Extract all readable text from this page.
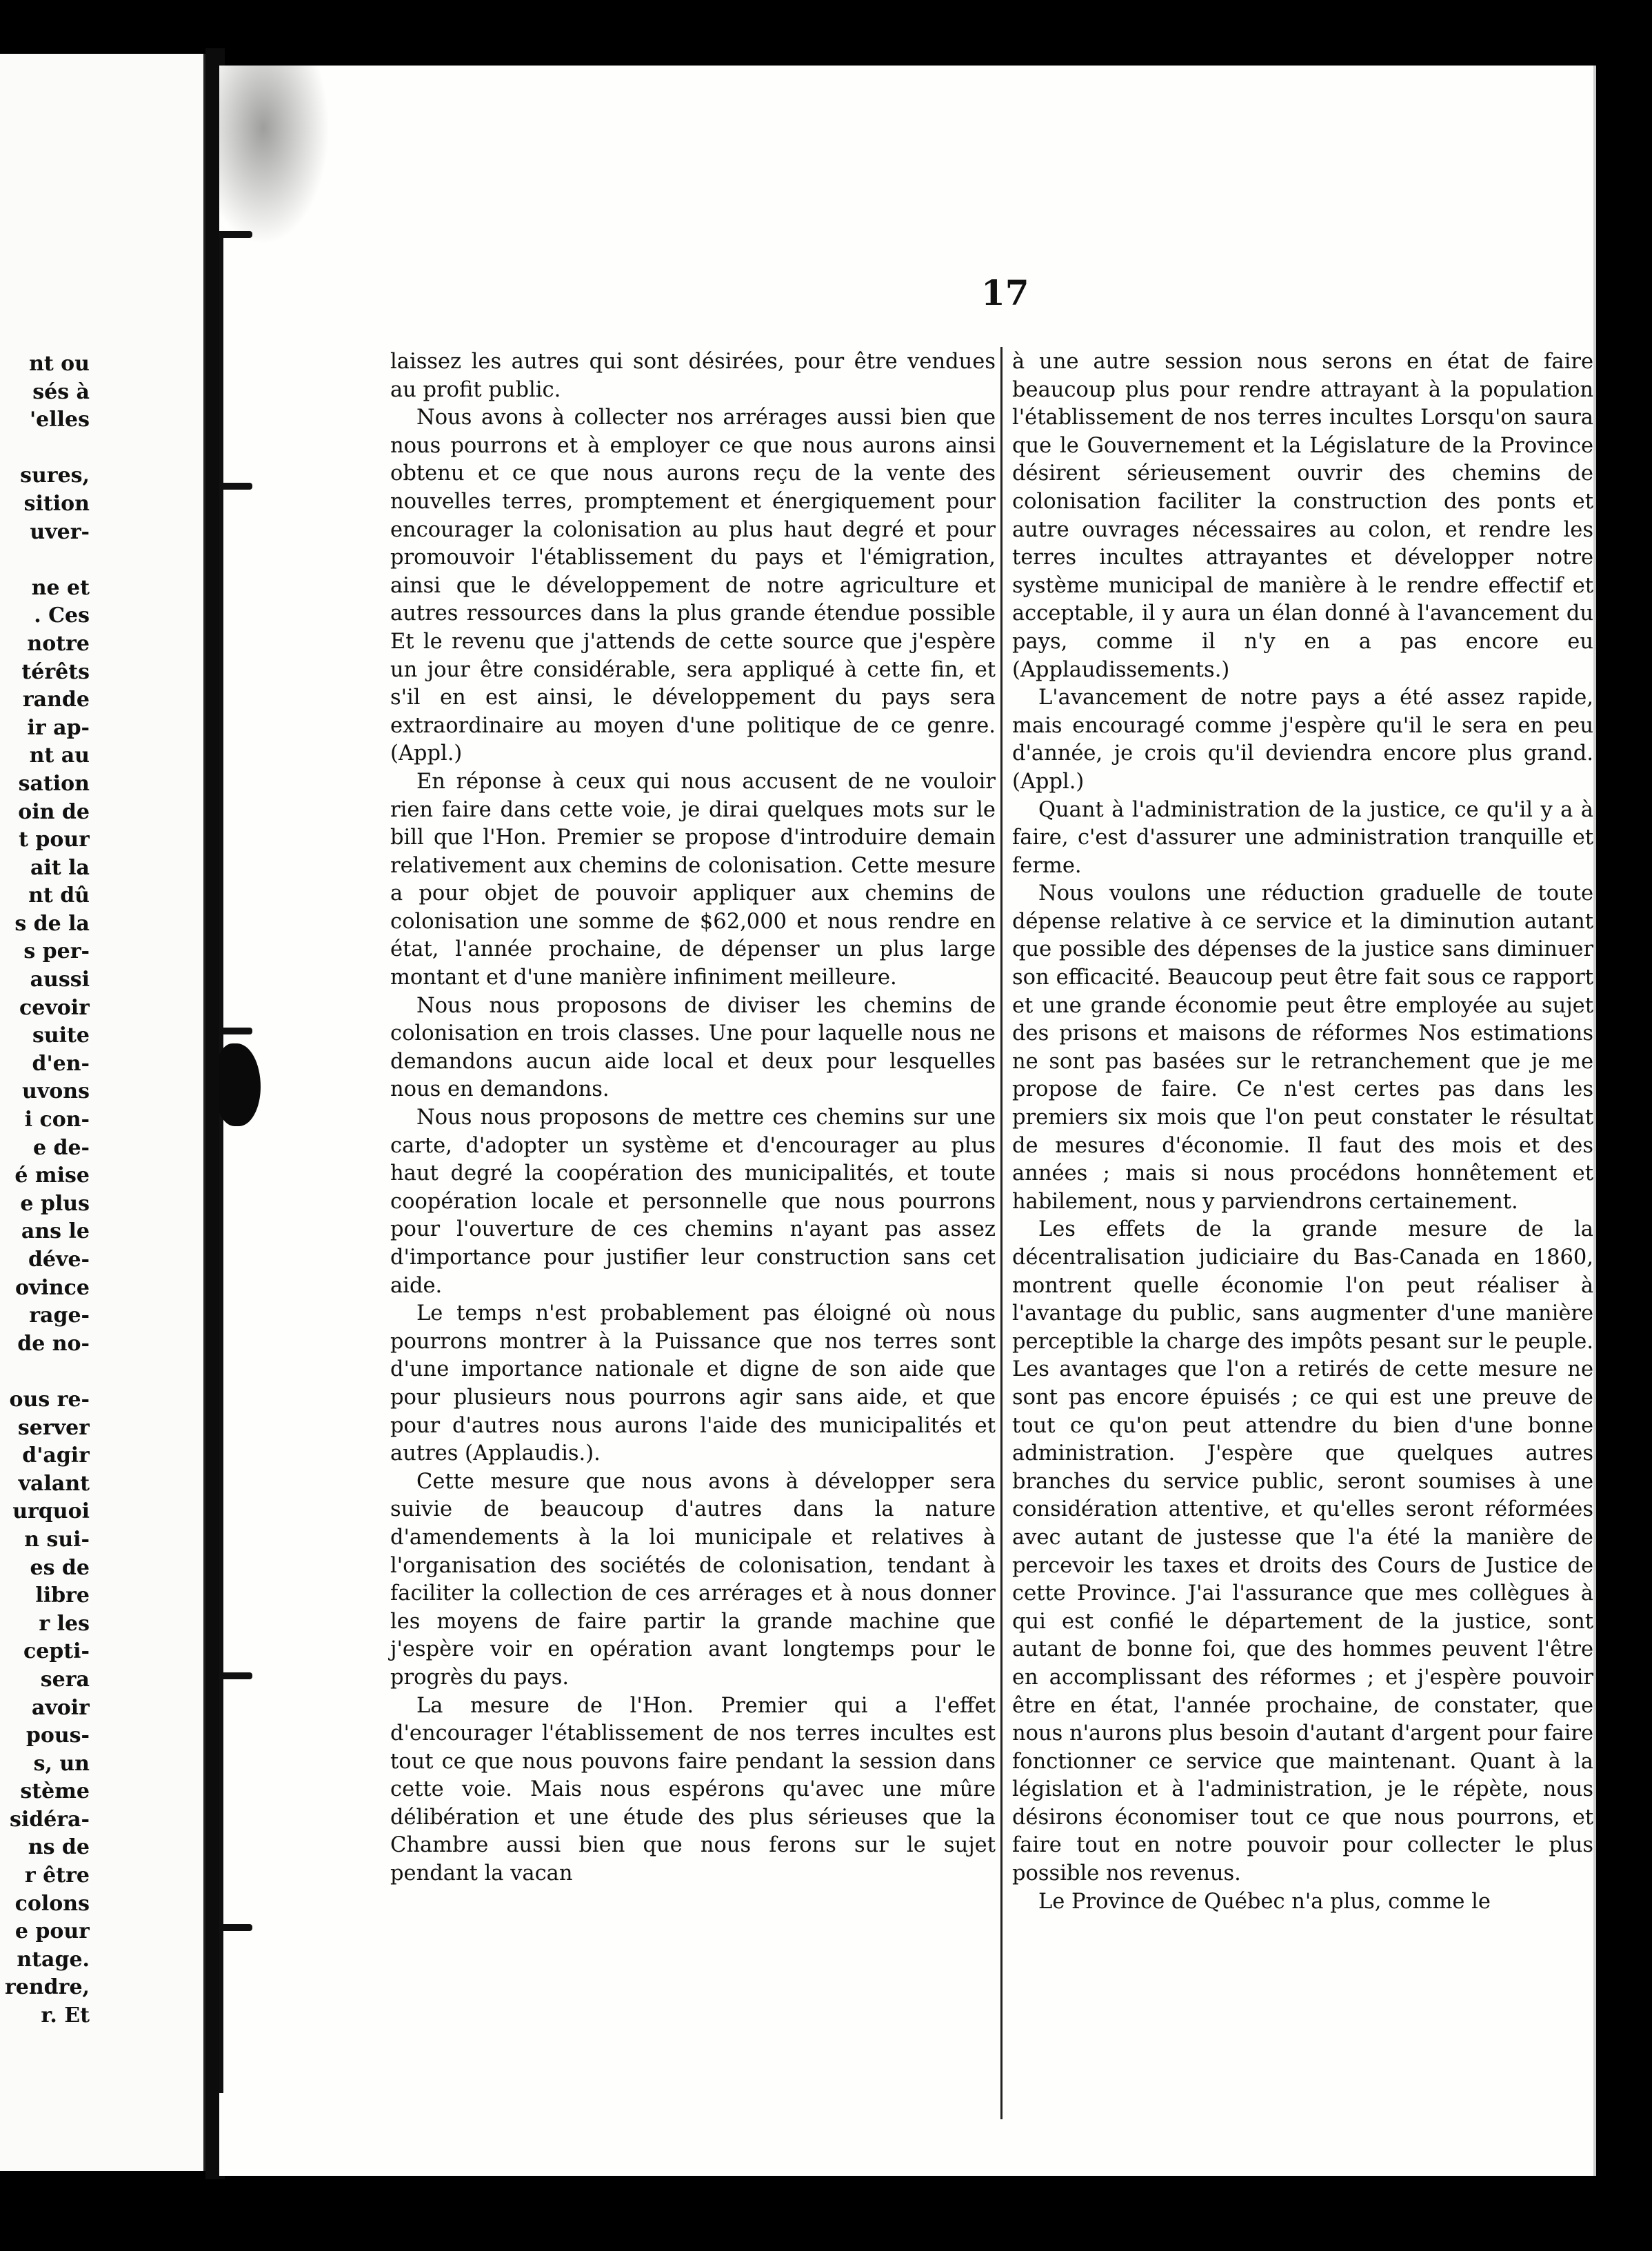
nt ou
sés à
'elles

sures,
sition
uver-

ne et
. Ces
notre
térêts
rande
ir ap-
nt au
sation
oin de
t pour
ait la
nt dû
s de la
s per-
aussi
cevoir
suite
d'en-
uvons
i con-
e de-
é mise
e plus
ans le
déve-
ovince
rage-
de no-

ous re-
server
d'agir
valant
urquoi
n sui-
es de
libre
r les
cepti-
sera
avoir
pous-
s, un
stème
sidéra-
ns de
r être
colons
e pour
ntage.
rendre,
r. Et
17

laissez les autres qui sont désirées, pour être vendues au profit public.

Nous avons à collecter nos arrérages aussi bien que nous pourrons et à employer ce que nous aurons ainsi obtenu et ce que nous aurons reçu de la vente des nouvelles terres, promptement et énergiquement pour encourager la colonisation au plus haut degré et pour promouvoir l'établissement du pays et l'émigration, ainsi que le développement de notre agriculture et autres ressources dans la plus grande étendue possible Et le revenu que j'attends de cette source que j'espère un jour être considérable, sera appliqué à cette fin, et s'il en est ainsi, le développement du pays sera extraordinaire au moyen d'une politique de ce genre. (Appl.)

En réponse à ceux qui nous accusent de ne vouloir rien faire dans cette voie, je dirai quelques mots sur le bill que l'Hon. Premier se propose d'introduire demain relativement aux chemins de colonisation. Cette mesure a pour objet de pouvoir appliquer aux chemins de colonisation une somme de $62,000 et nous rendre en état, l'année prochaine, de dépenser un plus large montant et d'une manière infiniment meilleure.

Nous nous proposons de diviser les chemins de colonisation en trois classes. Une pour laquelle nous ne demandons aucun aide local et deux pour lesquelles nous en demandons.

Nous nous proposons de mettre ces chemins sur une carte, d'adopter un système et d'encourager au plus haut degré la coopération des municipalités, et toute coopération locale et personnelle que nous pourrons pour l'ouverture de ces chemins n'ayant pas assez d'importance pour justifier leur construction sans cet aide.

Le temps n'est probablement pas éloigné où nous pourrons montrer à la Puissance que nos terres sont d'une importance nationale et digne de son aide que pour plusieurs nous pourrons agir sans aide, et que pour d'autres nous aurons l'aide des municipalités et autres (Applaudis.).

Cette mesure que nous avons à développer sera suivie de beaucoup d'autres dans la nature d'amendements à la loi municipale et relatives à l'organisation des sociétés de colonisation, tendant à faciliter la collection de ces arrérages et à nous donner les moyens de faire partir la grande machine que j'espère voir en opération avant longtemps pour le progrès du pays.

La mesure de l'Hon. Premier qui a l'effet d'encourager l'établissement de nos terres incultes est tout ce que nous pouvons faire pendant la session dans cette voie. Mais nous espérons qu'avec une mûre délibération et une étude des plus sérieuses que la Chambre aussi bien que nous ferons sur le sujet pendant la vacan

à une autre session nous serons en état de faire beaucoup plus pour rendre attrayant à la population l'établissement de nos terres incultes Lorsqu'on saura que le Gouvernement et la Législature de la Province désirent sérieusement ouvrir des chemins de colonisation faciliter la construction des ponts et autre ouvrages nécessaires au colon, et rendre les terres incultes attrayantes et développer notre système municipal de manière à le rendre effectif et acceptable, il y aura un élan donné à l'avancement du pays, comme il n'y en a pas encore eu (Applaudissements.)

L'avancement de notre pays a été assez rapide, mais encouragé comme j'espère qu'il le sera en peu d'année, je crois qu'il deviendra encore plus grand. (Appl.)

Quant à l'administration de la justice, ce qu'il y a à faire, c'est d'assurer une administration tranquille et ferme.

Nous voulons une réduction graduelle de toute dépense relative à ce service et la diminution autant que possible des dépenses de la justice sans diminuer son efficacité. Beaucoup peut être fait sous ce rapport et une grande économie peut être employée au sujet des prisons et maisons de réformes Nos estimations ne sont pas basées sur le retranchement que je me propose de faire. Ce n'est certes pas dans les premiers six mois que l'on peut constater le résultat de mesures d'économie. Il faut des mois et des années ; mais si nous procédons honnêtement et habilement, nous y parviendrons certainement.

Les effets de la grande mesure de la décentralisation judiciaire du Bas-Canada en 1860, montrent quelle économie l'on peut réaliser à l'avantage du public, sans augmenter d'une manière perceptible la charge des impôts pesant sur le peuple. Les avantages que l'on a retirés de cette mesure ne sont pas encore épuisés ; ce qui est une preuve de tout ce qu'on peut attendre du bien d'une bonne administration. J'espère que quelques autres branches du service public, seront soumises à une considération attentive, et qu'elles seront réformées avec autant de justesse que l'a été la manière de percevoir les taxes et droits des Cours de Justice de cette Province. J'ai l'assurance que mes collègues à qui est confié le département de la justice, sont autant de bonne foi, que des hommes peuvent l'être en accomplissant des réformes ; et j'espère pouvoir être en état, l'année prochaine, de constater, que nous n'aurons plus besoin d'autant d'argent pour faire fonctionner ce service que maintenant. Quant à la législation et à l'administration, je le répète, nous désirons économiser tout ce que nous pourrons, et faire tout en notre pouvoir pour collecter le plus possible nos revenus.

Le Province de Québec n'a plus, comme le
